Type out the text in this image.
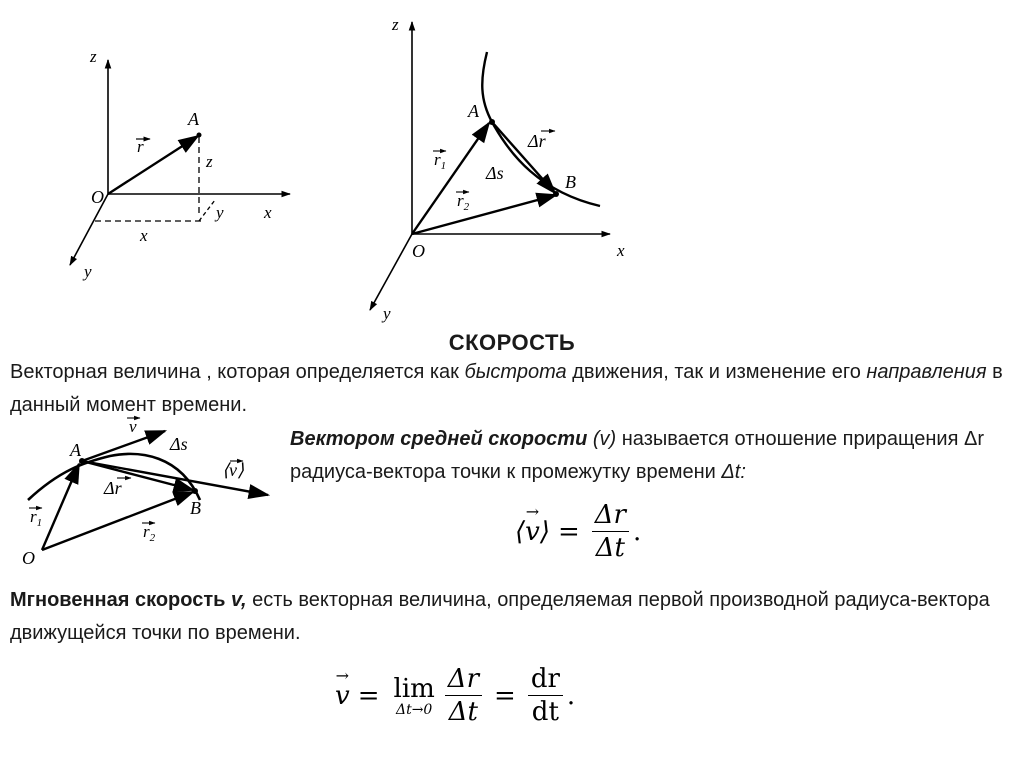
z
x
y
O
A
r
z
x
y
z
x
y
O
A
B
$r_1$
$r_2$
Δr
Δs
O
A
B
v
Δs
⟨v⟩
Δr
$r_1$	$r_2$
СКОРОСТЬ
Векторная величина , которая определяется как быстрота движения, так и изменение его направления в данный момент времени.
Вектором средней скорости (v) называется отношение приращения Δr радиуса-вектора точки к промежутку времени Δt:
→ ⟨v⟩ = $\frac{\Delta r}{\Delta t}$ .
Мгновенная скорость v, есть векторная величина, определяемая первой производной радиуса-вектора движущейся точки по времени.
→ v = lim
$\Delta t\to 0 \frac{\Delta r}{\Delta t} = \frac{dr}{dt}$ .
